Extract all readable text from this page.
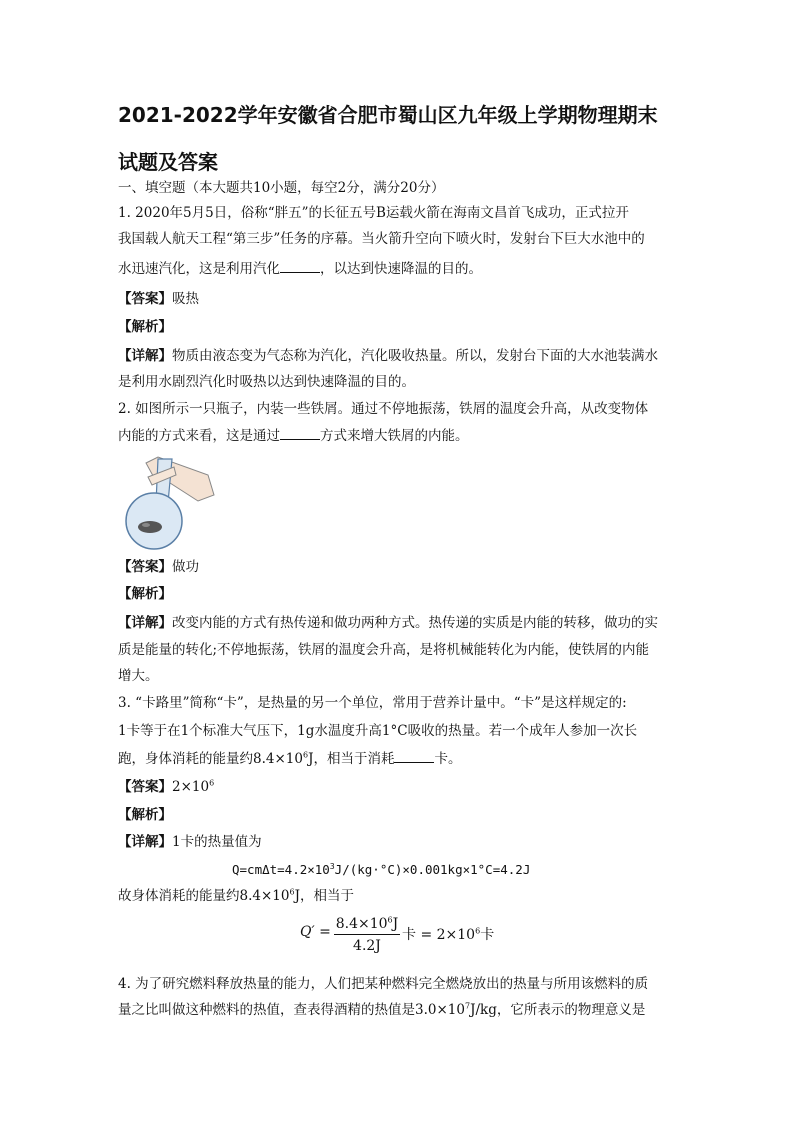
2021-2022学年安徽省合肥市蜀山区九年级上学期物理期末
试题及答案
一、填空题（本大题共10小题，每空2分，满分20分）
1. 2020年5月5日，俗称“胖五”的长征五号B运载火箭在海南文昌首飞成功，正式拉开
我国载人航天工程“第三步”任务的序幕。当火箭升空向下喷火时，发射台下巨大水池中的
水迅速汽化，这是利用汽化	，以达到快速降温的目的。
【答案】吸热
【解析】
【详解】物质由液态变为气态称为汽化，汽化吸收热量。所以，发射台下面的大水池装满水
是利用水剧烈汽化时吸热以达到快速降温的目的。
2. 如图所示一只瓶子，内装一些铁屑。通过不停地振荡，铁屑的温度会升高，从改变物体
内能的方式来看，这是通过	方式来增大铁屑的内能。
【答案】做功
【解析】
【详解】改变内能的方式有热传递和做功两种方式。热传递的实质是内能的转移，做功的实
质是能量的转化;不停地振荡，铁屑的温度会升高，是将机械能转化为内能，使铁屑的内能
增大。
3. “卡路里”简称“卡”，是热量的另一个单位，常用于营养计量中。“卡”是这样规定的:
1卡等于在1个标准大气压下，1g水温度升高1°C吸收的热量。若一个成年人参加一次长
跑，身体消耗的能量约$8.4\times 10^6J$，相当于消耗	卡。
【答案】$2\times 10^6$
【解析】
【详解】1卡的热量值为
$Q=cm\Delta t=4.2\times 10^3J/(kg\cdot^\circ C)\times 0.001kg\times 1^\circ C=4.2J$
故身体消耗的能量约$8.4\times 10^6J$，相当于
$Q' = \frac{8.4\times 10^6J}{4.2J}$ 卡 = $2\times 10^6$卡
4. 为了研究燃料释放热量的能力，人们把某种燃料完全燃烧放出的热量与所用该燃料的质
量之比叫做这种燃料的热值，查表得酒精的热值是$3.0\times 10^7J/kg$，它所表示的物理意义是
